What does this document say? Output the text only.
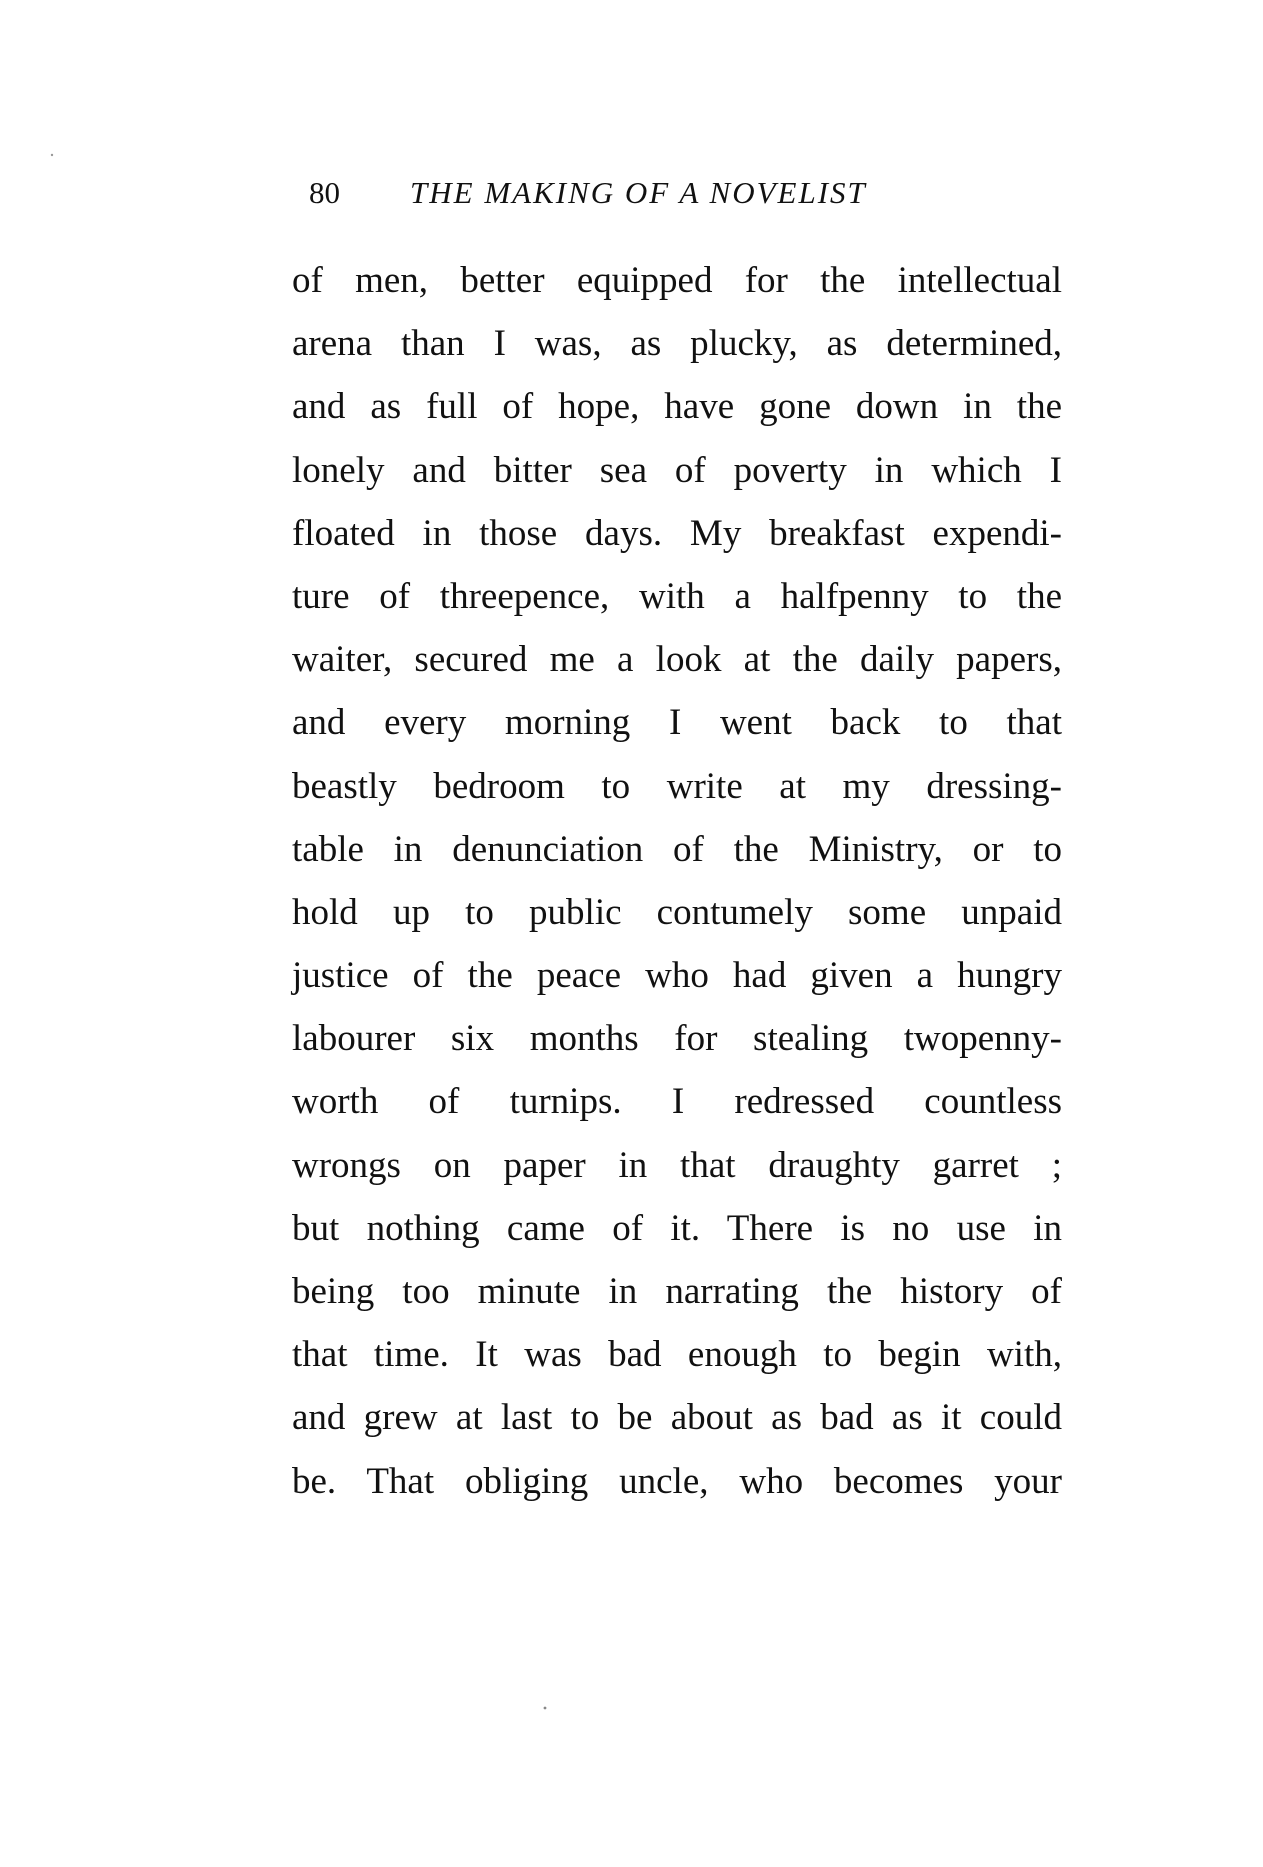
80 THE MAKING OF A NOVELIST
of men, better equipped for the intellectual
arena than I was, as plucky, as determined,
and as full of hope, have gone down in the
lonely and bitter sea of poverty in which I
floated in those days. My breakfast expendi-
ture of threepence, with a halfpenny to the
waiter, secured me a look at the daily papers,
and every morning I went back to that
beastly bedroom to write at my dressing-
table in denunciation of the Ministry, or to
hold up to public contumely some unpaid
justice of the peace who had given a hungry
labourer six months for stealing twopenny-
worth of turnips. I redressed countless
wrongs on paper in that draughty garret ;
but nothing came of it. There is no use in
being too minute in narrating the history of
that time. It was bad enough to begin with,
and grew at last to be about as bad as it could
be. That obliging uncle, who becomes your
